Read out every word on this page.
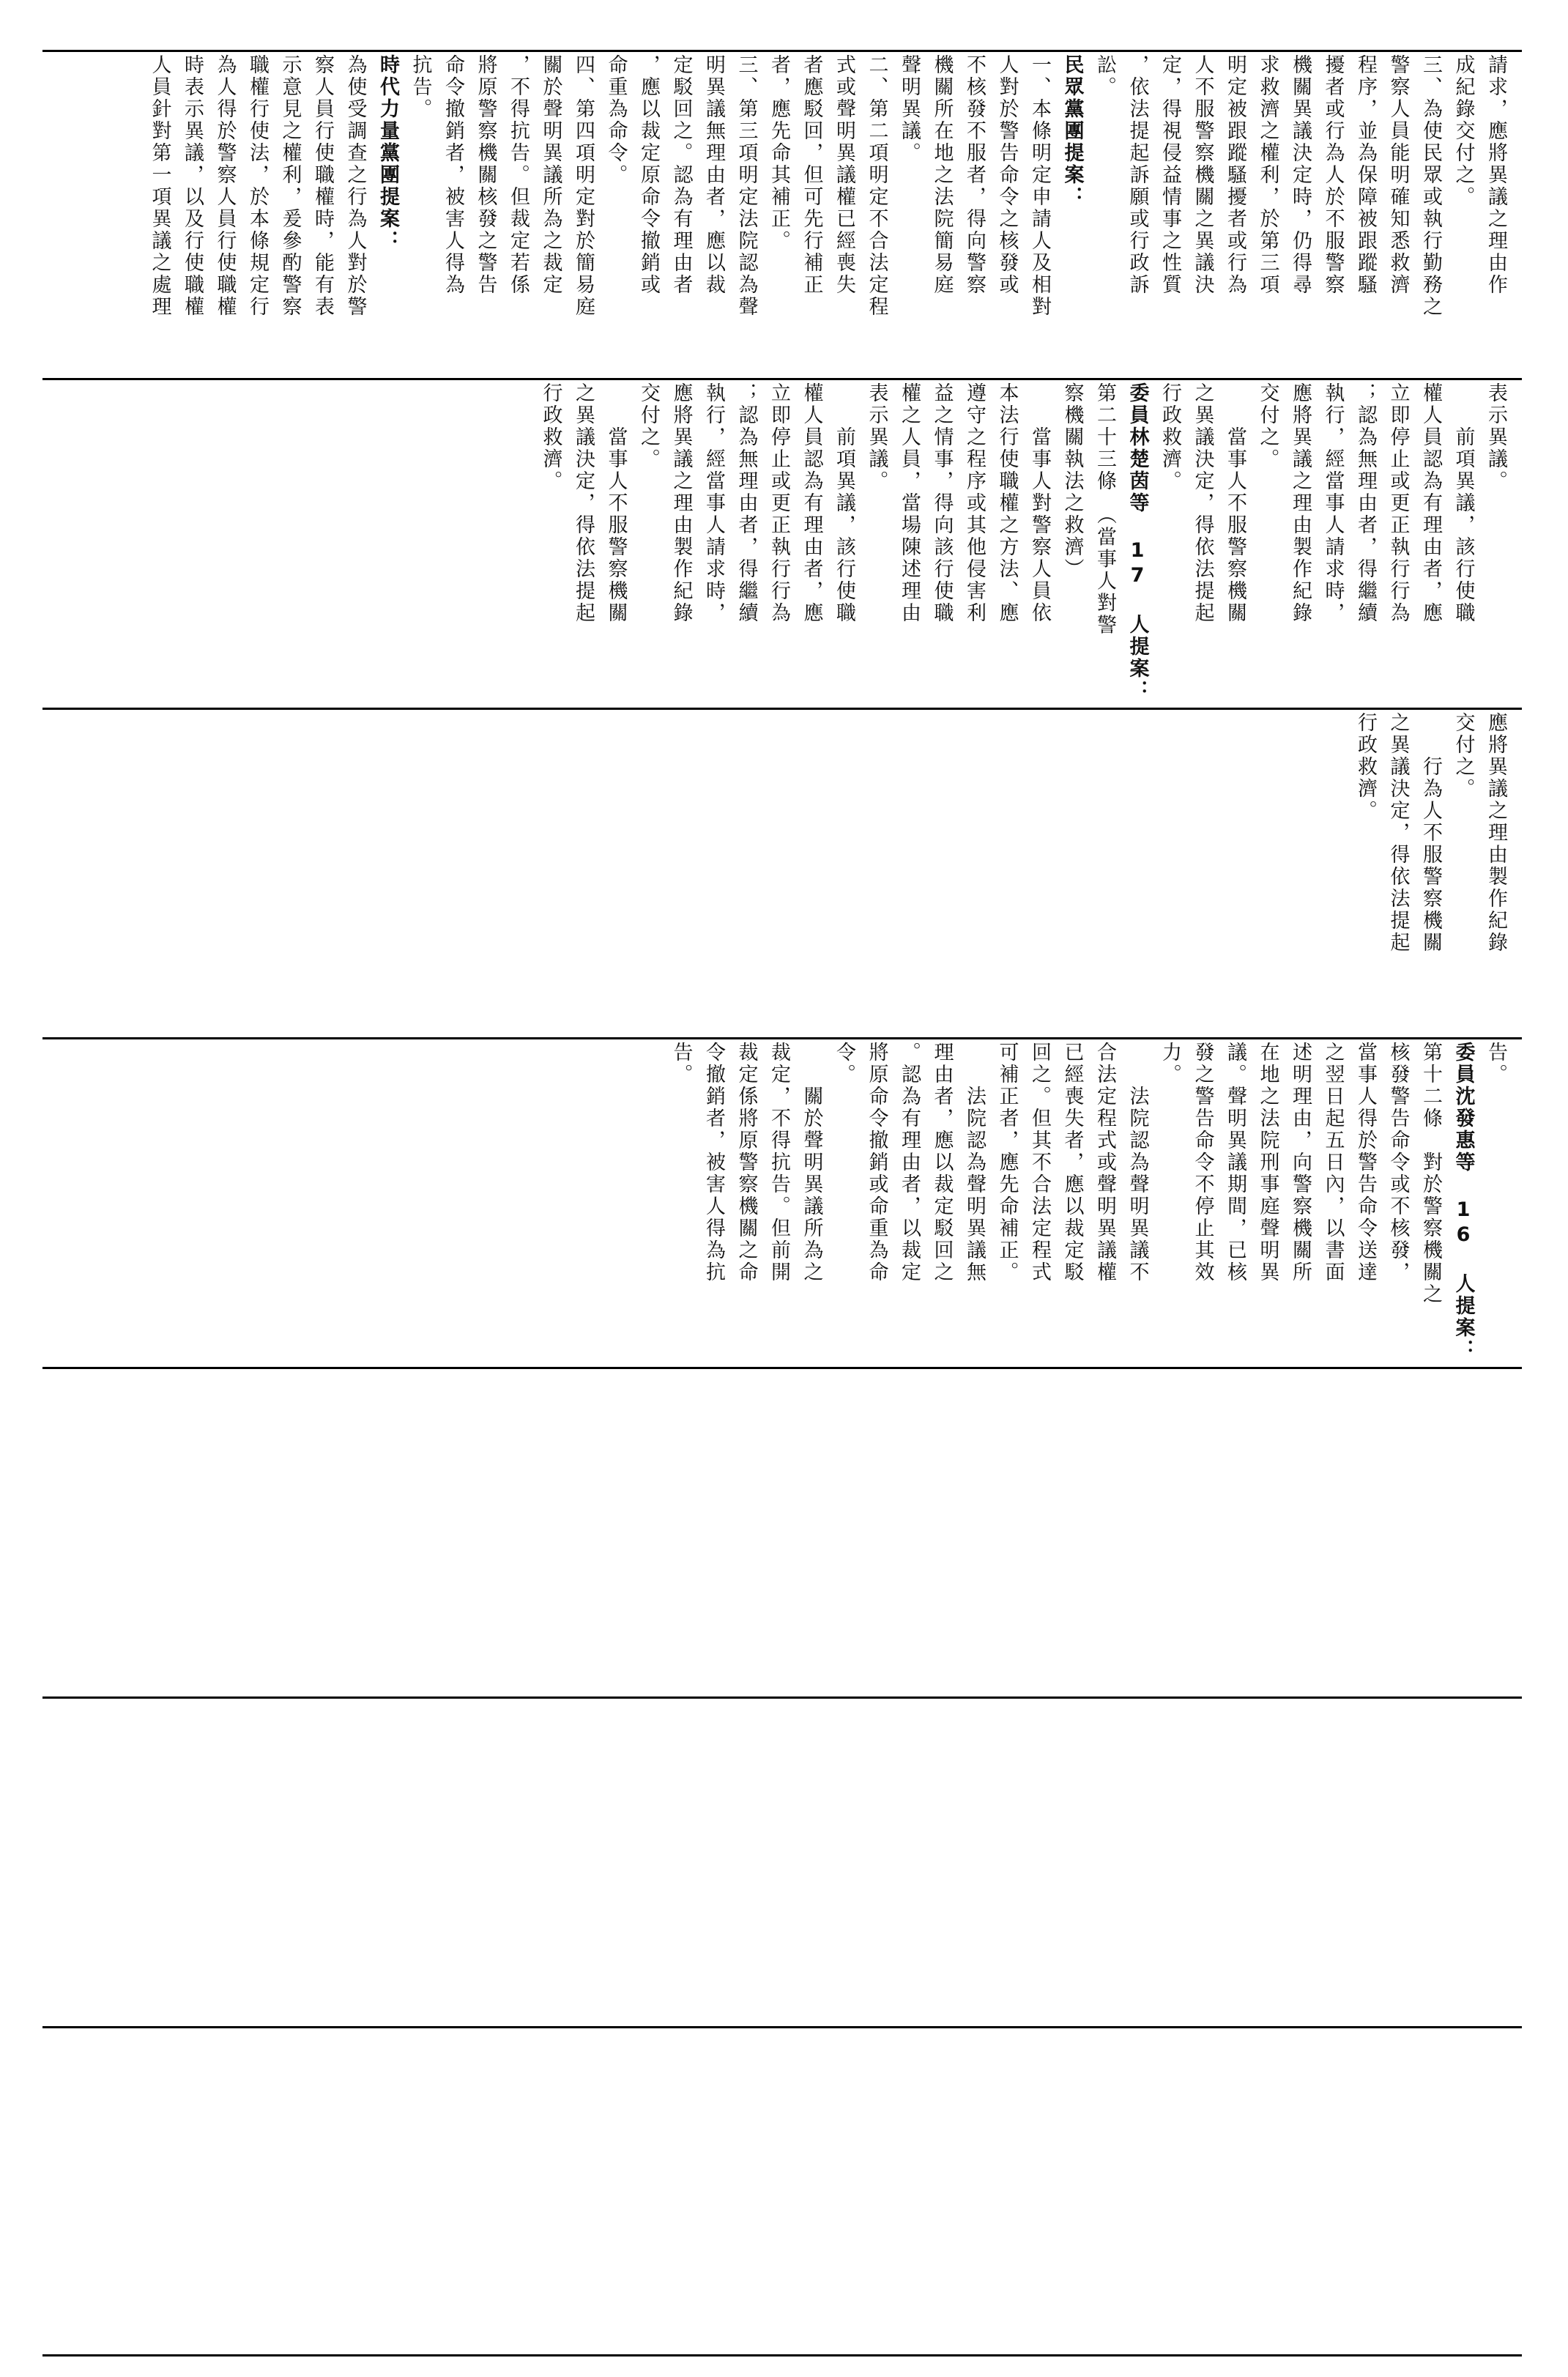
請求，應將異議之理由作

成紀錄交付之。

三、為使民眾或執行勤務之

警察人員能明確知悉救濟

程序，並為保障被跟蹤騷

擾者或行為人於不服警察

機關異議決定時，仍得尋

求救濟之權利，於第三項

明定被跟蹤騷擾者或行為

人不服警察機關之異議決

定，得視侵益情事之性質

，依法提起訴願或行政訴

訟。

民眾黨團提案：

一、本條明定申請人及相對

人對於警告命令之核發或

不核發不服者，得向警察

機關所在地之法院簡易庭

聲明異議。

二、第二項明定不合法定程

式或聲明異議權已經喪失

者應駁回，但可先行補正

者，應先命其補正。

三、第三項明定法院認為聲

明異議無理由者，應以裁

定駁回之。認為有理由者

，應以裁定原命令撤銷或

命重為命令。

四、第四項明定對於簡易庭

關於聲明異議所為之裁定

，不得抗告。但裁定若係

將原警察機關核發之警告

命令撤銷者，被害人得為

抗告。

時代力量黨團提案：

為使受調查之行為人對於警

察人員行使職權時，能有表

示意見之權利，爰參酌警察

職權行使法，於本條規定行

為人得於警察人員行使職權

時表示異議，以及行使職權

人員針對第一項異議之處理

表示異議。

　　前項異議，該行使職

權人員認為有理由者，應

立即停止或更正執行行為

；認為無理由者，得繼續

執行，經當事人請求時，

應將異議之理由製作紀錄

交付之。

　　當事人不服警察機關

之異議決定，得依法提起

行政救濟。

委員林楚茵等 17 人提案：

第二十三條　（當事人對警

察機關執法之救濟）

　　當事人對警察人員依

本法行使職權之方法、應

遵守之程序或其他侵害利

益之情事，得向該行使職

權之人員，當場陳述理由

表示異議。

　　前項異議，該行使職

權人員認為有理由者，應

立即停止或更正執行行為

；認為無理由者，得繼續

執行，經當事人請求時，

應將異議之理由製作紀錄

交付之。

　　當事人不服警察機關

之異議決定，得依法提起

行政救濟。

應將異議之理由製作紀錄

交付之。

　　行為人不服警察機關

之異議決定，得依法提起

行政救濟。

告。

委員沈發惠等 16 人提案：

第十二條　對於警察機關之

核發警告命令或不核發，

當事人得於警告命令送達

之翌日起五日內，以書面

述明理由，向警察機關所

在地之法院刑事庭聲明異

議。聲明異議期間，已核

發之警告命令不停止其效

力。

　　法院認為聲明異議不

合法定程式或聲明異議權

已經喪失者，應以裁定駁

回之。但其不合法定程式

可補正者，應先命補正。

　　法院認為聲明異議無

理由者，應以裁定駁回之

。認為有理由者，以裁定

將原命令撤銷或命重為命

令。

　　關於聲明異議所為之

裁定，不得抗告。但前開

裁定係將原警察機關之命

令撤銷者，被害人得為抗

告。
